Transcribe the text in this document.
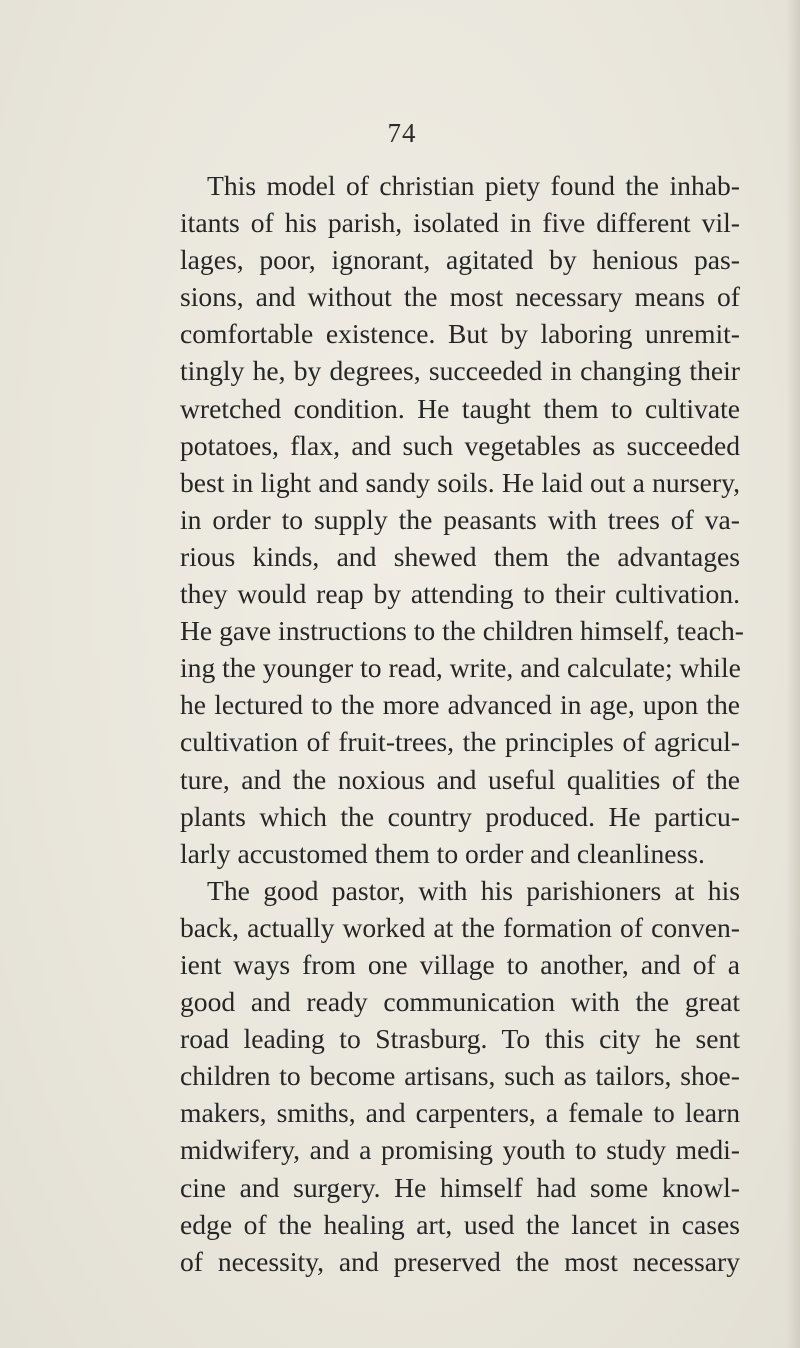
74
This model of christian piety found the inhab-
itants of his parish, isolated in five different vil-
lages, poor, ignorant, agitated by henious pas-
sions, and without the most necessary means of
comfortable existence. But by laboring unremit-
tingly he, by degrees, succeeded in changing their
wretched condition. He taught them to cultivate
potatoes, flax, and such vegetables as succeeded
best in light and sandy soils. He laid out a nursery,
in order to supply the peasants with trees of va-
rious kinds, and shewed them the advantages
they would reap by attending to their cultivation.
He gave instructions to the children himself, teach-
ing the younger to read, write, and calculate; while
he lectured to the more advanced in age, upon the
cultivation of fruit-trees, the principles of agricul-
ture, and the noxious and useful qualities of the
plants which the country produced. He particu-
larly accustomed them to order and cleanliness.
The good pastor, with his parishioners at his
back, actually worked at the formation of conven-
ient ways from one village to another, and of a
good and ready communication with the great
road leading to Strasburg. To this city he sent
children to become artisans, such as tailors, shoe-
makers, smiths, and carpenters, a female to learn
midwifery, and a promising youth to study medi-
cine and surgery. He himself had some knowl-
edge of the healing art, used the lancet in cases
of necessity, and preserved the most necessary
